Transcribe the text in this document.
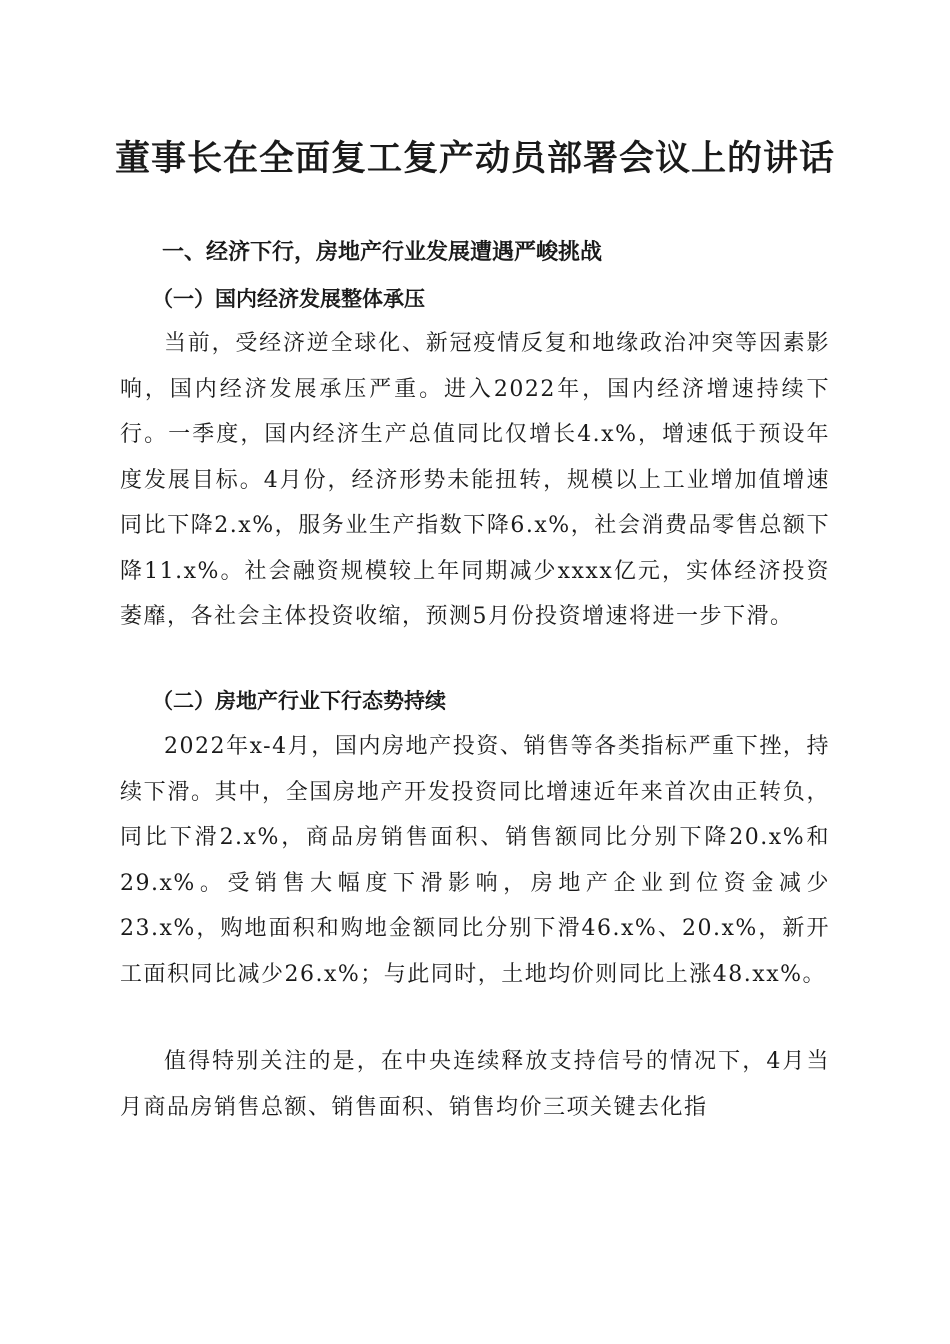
董事长在全面复工复产动员部署会议上的讲话
一、经济下行，房地产行业发展遭遇严峻挑战
（一）国内经济发展整体承压

当前，受经济逆全球化、新冠疫情反复和地缘政治冲突等因素影响，国内经济发展承压严重。进入2022年，国内经济增速持续下行。一季度，国内经济生产总值同比仅增长4.x%，增速低于预设年度发展目标。4月份，经济形势未能扭转，规模以上工业增加值增速同比下降2.x%，服务业生产指数下降6.x%，社会消费品零售总额下降11.x%。社会融资规模较上年同期减少xxxx亿元，实体经济投资萎靡，各社会主体投资收缩，预测5月份投资增速将进一步下滑。

（二）房地产行业下行态势持续

2022年x-4月，国内房地产投资、销售等各类指标严重下挫，持续下滑。其中，全国房地产开发投资同比增速近年来首次由正转负，同比下滑2.x%，商品房销售面积、销售额同比分别下降20.x%和29.x%。受销售大幅度下滑影响，房地产企业到位资金减少23.x%，购地面积和购地金额同比分别下滑46.x%、20.x%，新开工面积同比减少26.x%；与此同时，土地均价则同比上涨48.xx%。

值得特别关注的是，在中央连续释放支持信号的情况下，4月当月商品房销售总额、销售面积、销售均价三项关键去化指
